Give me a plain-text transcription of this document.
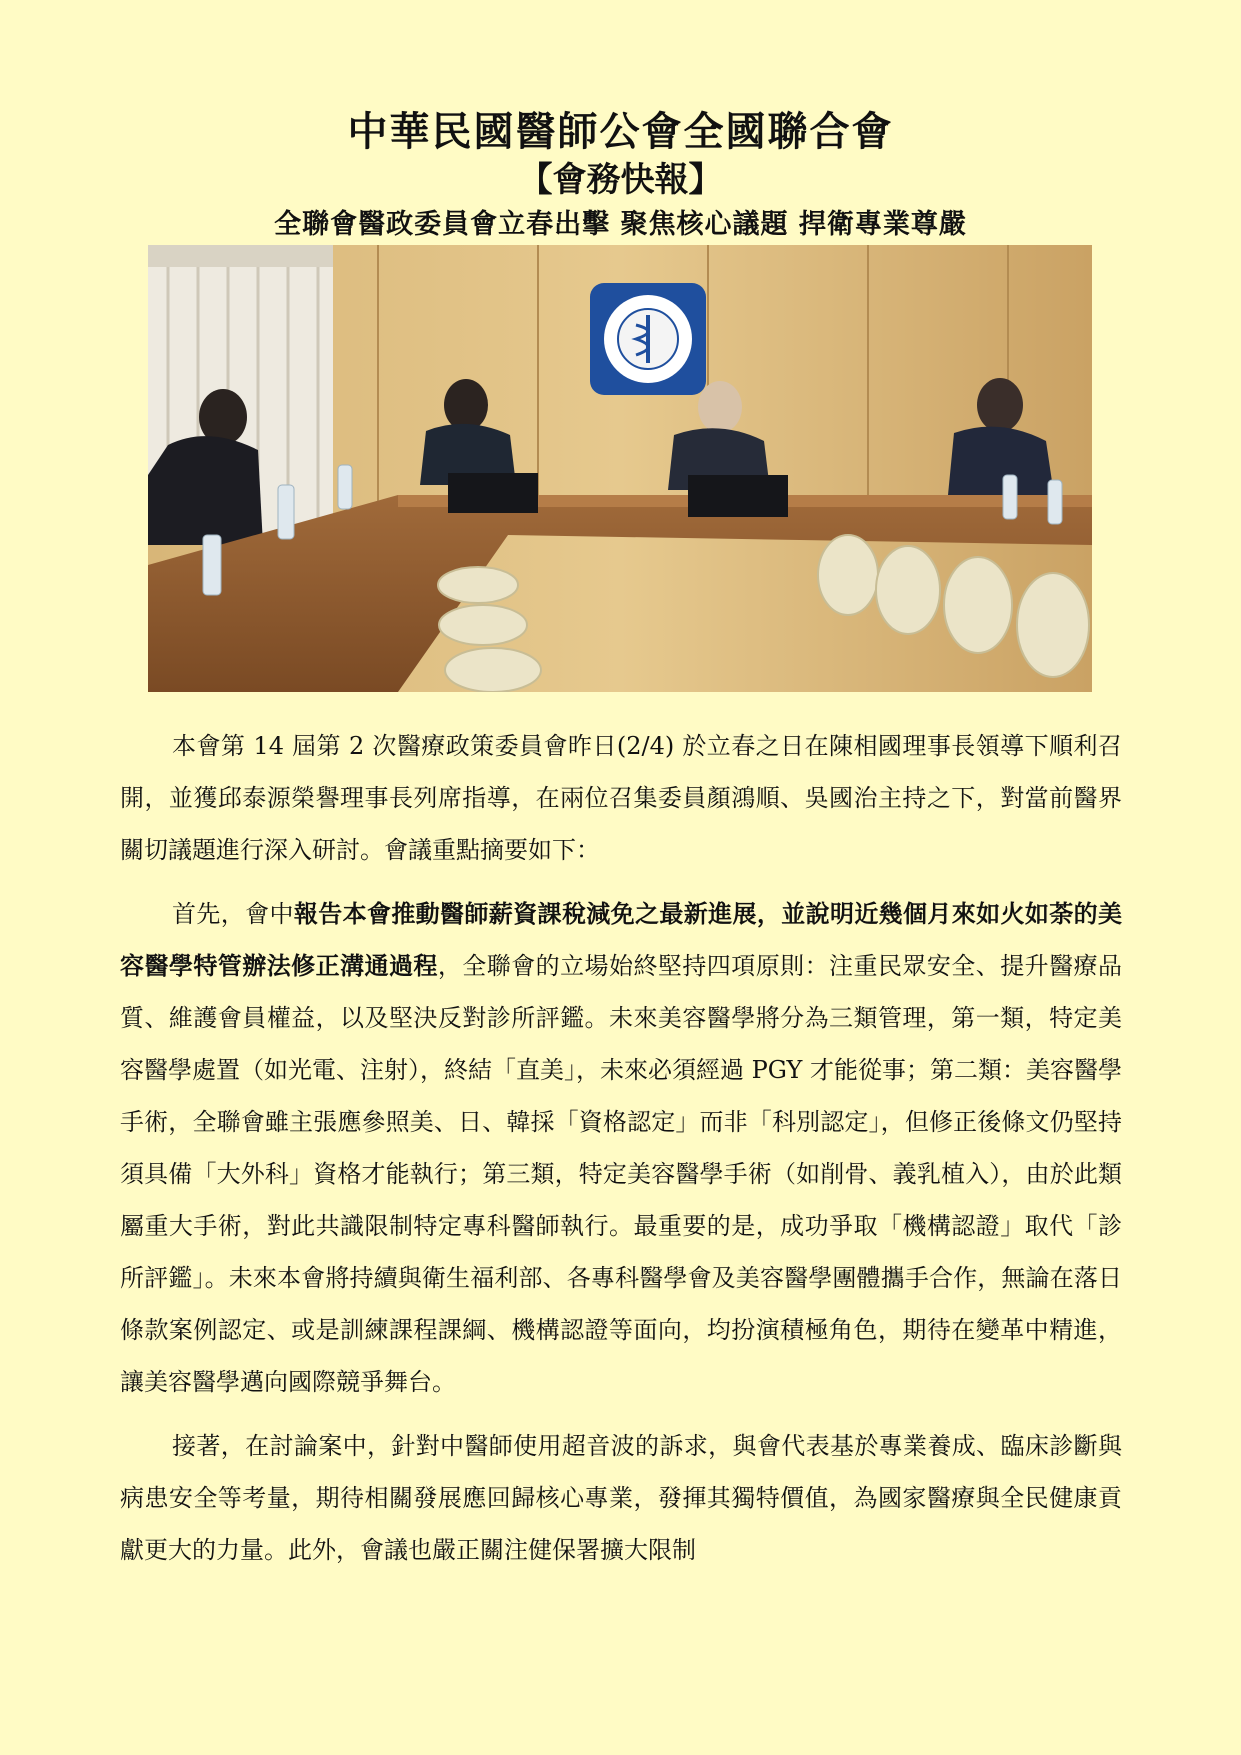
中華民國醫師公會全國聯合會
【會務快報】
全聯會醫政委員會立春出擊 聚焦核心議題 捍衛專業尊嚴

本會第 14 屆第 2 次醫療政策委員會昨日(2/4) 於立春之日在陳相國理事長領導下順利召開，並獲邱泰源榮譽理事長列席指導，在兩位召集委員顏鴻順、吳國治主持之下，對當前醫界關切議題進行深入研討。會議重點摘要如下：

首先，會中報告本會推動醫師薪資課稅減免之最新進展，並說明近幾個月來如火如荼的美容醫學特管辦法修正溝通過程，全聯會的立場始終堅持四項原則：注重民眾安全、提升醫療品質、維護會員權益，以及堅決反對診所評鑑。未來美容醫學將分為三類管理，第一類，特定美容醫學處置（如光電、注射），終結「直美」，未來必須經過 PGY 才能從事；第二類：美容醫學手術，全聯會雖主張應參照美、日、韓採「資格認定」而非「科別認定」，但修正後條文仍堅持須具備「大外科」資格才能執行；第三類，特定美容醫學手術（如削骨、義乳植入），由於此類屬重大手術，對此共識限制特定專科醫師執行。最重要的是，成功爭取「機構認證」取代「診所評鑑」。未來本會將持續與衛生福利部、各專科醫學會及美容醫學團體攜手合作，無論在落日條款案例認定、或是訓練課程課綱、機構認證等面向，均扮演積極角色，期待在變革中精進，讓美容醫學邁向國際競爭舞台。

接著，在討論案中，針對中醫師使用超音波的訴求，與會代表基於專業養成、臨床診斷與病患安全等考量，期待相關發展應回歸核心專業，發揮其獨特價值，為國家醫療與全民健康貢獻更大的力量。此外，會議也嚴正關注健保署擴大限制
